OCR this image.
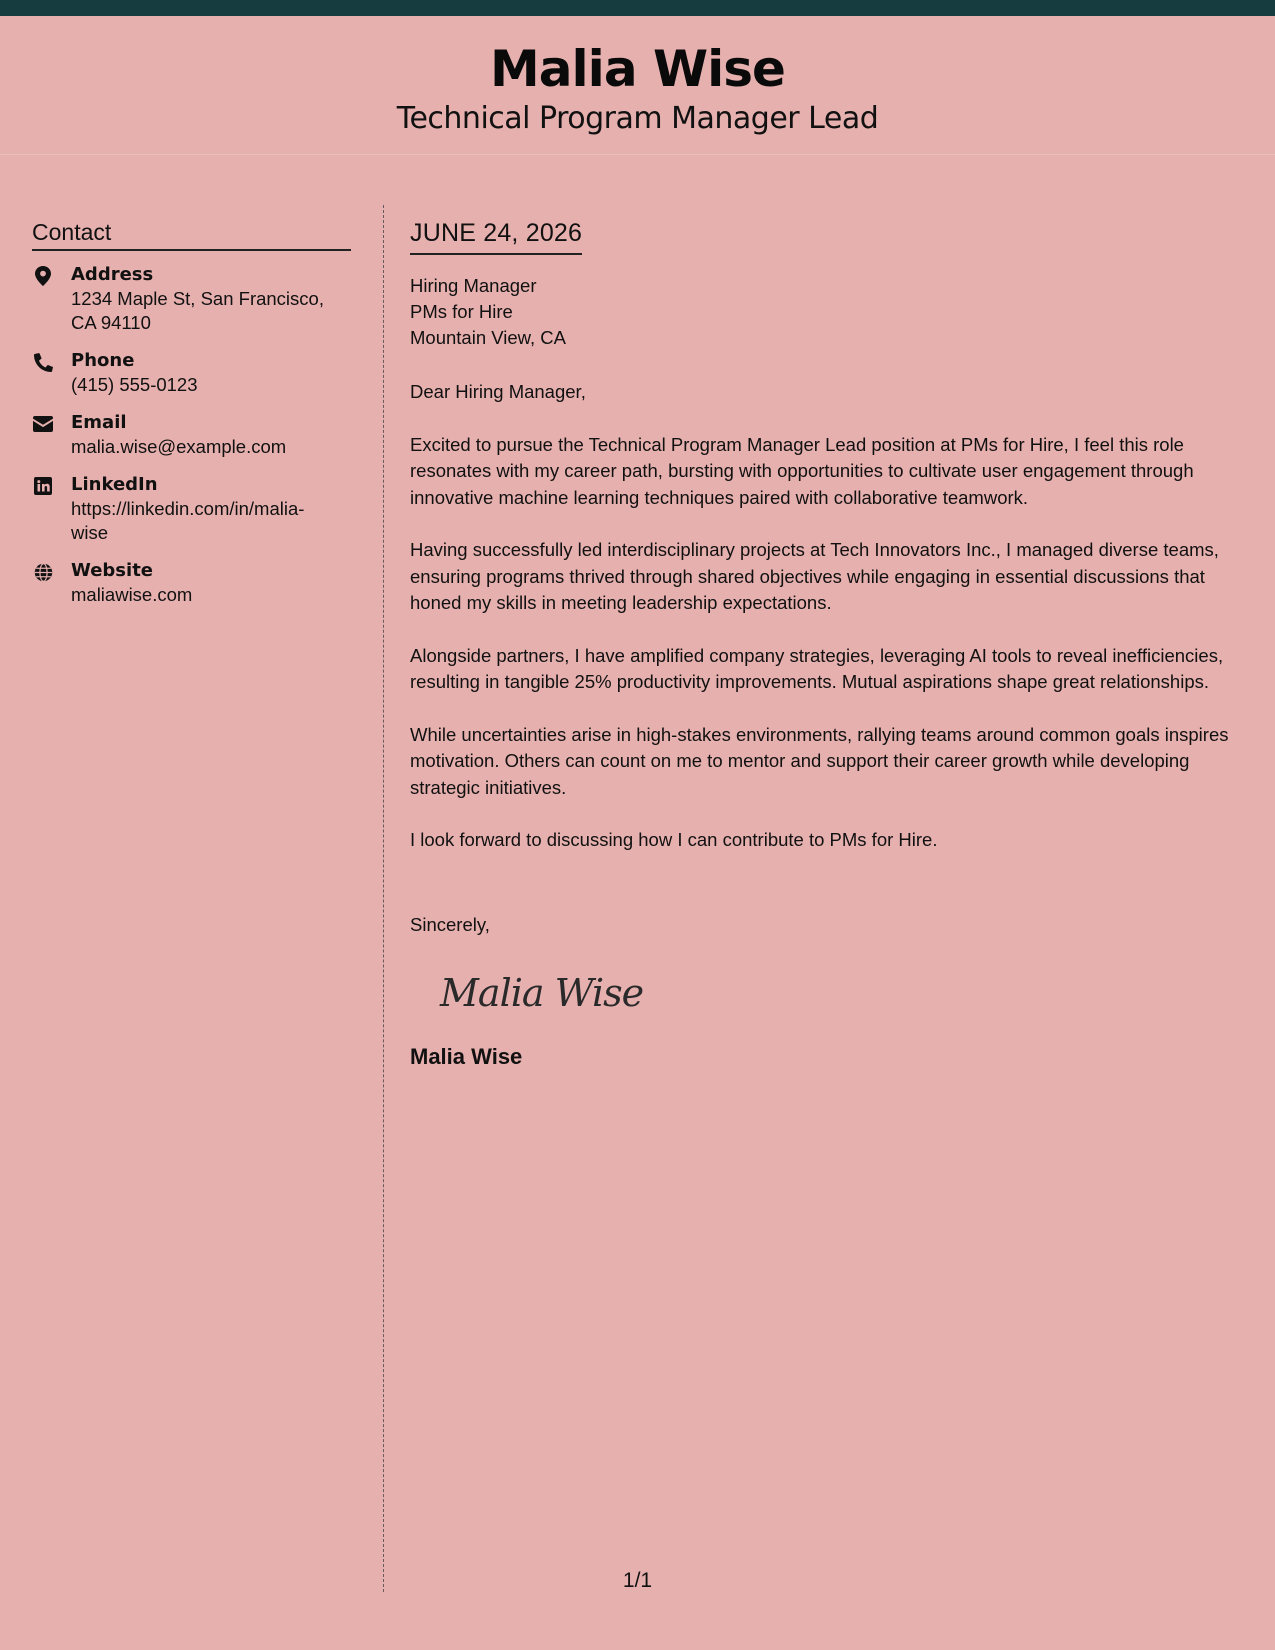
Malia Wise
Technical Program Manager Lead
Contact
Address
1234 Maple St, San Francisco, CA 94110
Phone
(415) 555-0123
Email
malia.wise@example.com
LinkedIn
https://linkedin.com/in/malia-wise
Website
maliawise.com
JUNE 24, 2026
Hiring Manager
PMs for Hire
Mountain View, CA
Dear Hiring Manager,
Excited to pursue the Technical Program Manager Lead position at PMs for Hire, I feel this role resonates with my career path, bursting with opportunities to cultivate user engagement through innovative machine learning techniques paired with collaborative teamwork.
Having successfully led interdisciplinary projects at Tech Innovators Inc., I managed diverse teams, ensuring programs thrived through shared objectives while engaging in essential discussions that honed my skills in meeting leadership expectations.
Alongside partners, I have amplified company strategies, leveraging AI tools to reveal inefficiencies, resulting in tangible 25% productivity improvements. Mutual aspirations shape great relationships.
While uncertainties arise in high-stakes environments, rallying teams around common goals inspires motivation. Others can count on me to mentor and support their career growth while developing strategic initiatives.
I look forward to discussing how I can contribute to PMs for Hire.
Sincerely,
Malia Wise
Malia Wise
1/1
